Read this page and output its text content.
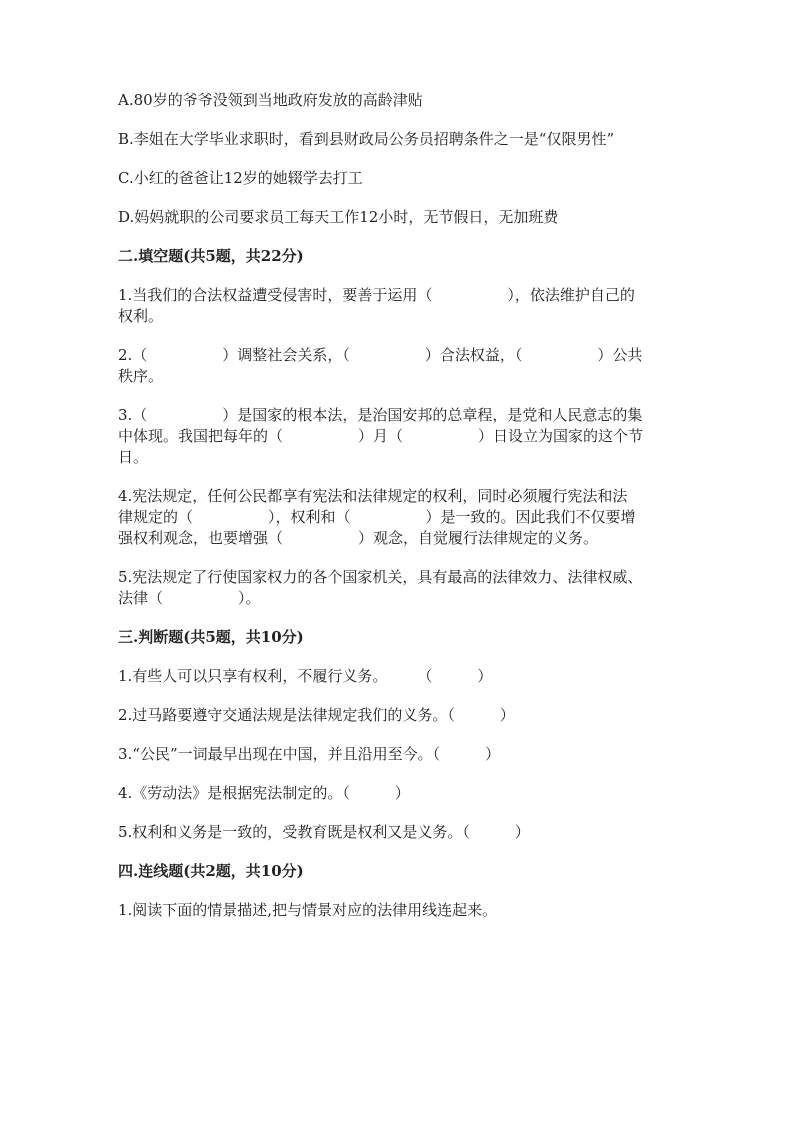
A.80岁的爷爷没领到当地政府发放的高龄津贴
B.李姐在大学毕业求职时，看到县财政局公务员招聘条件之一是“仅限男性”
C.小红的爸爸让12岁的她辍学去打工
D.妈妈就职的公司要求员工每天工作12小时，无节假日，无加班费
二.填空题(共5题，共22分)
1.当我们的合法权益遭受侵害时，要善于运用（　　　　　），依法维护自己的
权利。
2.（　　　　　）调整社会关系，（　　　　　）合法权益，（　　　　　）公共
秩序。
3.（　　　　　）是国家的根本法，是治国安邦的总章程，是党和人民意志的集
中体现。我国把每年的（　　　　　）月（　　　　　）日设立为国家的这个节
日。
4.宪法规定，任何公民都享有宪法和法律规定的权利，同时必须履行宪法和法
律规定的（　　　　　），权利和（　　　　　）是一致的。因此我们不仅要增
强权利观念，也要增强（　　　　　）观念，自觉履行法律规定的义务。
5.宪法规定了行使国家权力的各个国家机关，具有最高的法律效力、法律权威、
法律（　　　　　）。
三.判断题(共5题，共10分)
1.有些人可以只享有权利，不履行义务。　　　（　　　）
2.过马路要遵守交通法规是法律规定我们的义务。（　　　）
3.“公民”一词最早出现在中国，并且沿用至今。（　　　）
4.《劳动法》是根据宪法制定的。（　　　）
5.权利和义务是一致的，受教育既是权利又是义务。（　　　）
四.连线题(共2题，共10分)
1.阅读下面的情景描述,把与情景对应的法律用线连起来。
